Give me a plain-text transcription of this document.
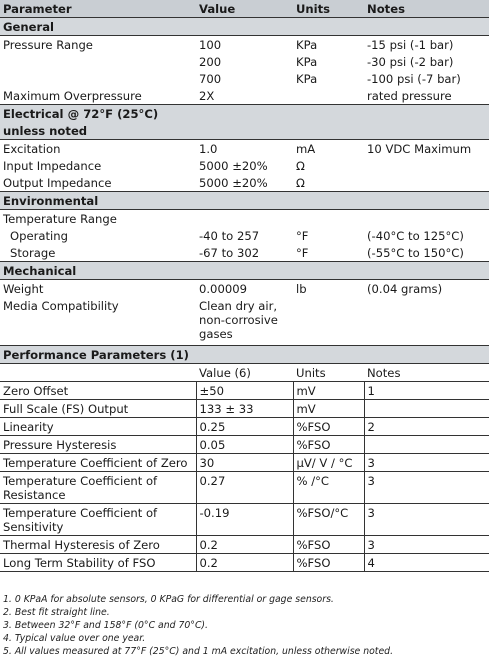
Parameter	Value	Units	Notes
General			
Pressure Range	100	KPa	-15 psi (-1 bar)
	200	KPa	-30 psi (-2 bar)
	700	KPa	-100 psi (-7 bar)
Maximum Overpressure	2X		rated pressure
Electrical @ 72°F (25°C)			
unless noted			
Excitation	1.0	mA	10 VDC Maximum
Input Impedance	5000 ±20%	Ω	
Output Impedance	5000 ±20%	Ω	
Environmental			
Temperature Range			
Operating	-40 to 257	°F	(-40°C to 125°C)
Storage	-67 to 302	°F	(-55°C to 150°C)
Mechanical			
Weight	0.00009	lb	(0.04 grams)
Media Compatibility	Clean dry air,
non-corrosive
gases		

Performance Parameters (1)			
	Value (6)	Units	Notes

Zero Offset	±50	mV	1

Full Scale (FS) Output	133 ± 33	mV	

Linearity	0.25	%FSO	2

Pressure Hysteresis	0.05	%FSO	

Temperature Coefficient of Zero	30	µV/ V / °C	3

Temperature Coefficient of
Resistance	0.27	% /°C	3

Temperature Coefficient of
Sensitivity	-0.19	%FSO/°C	3

Thermal Hysteresis of Zero	0.2	%FSO	3

Long Term Stability of FSO	0.2	%FSO	4
1. 0 KPaA for absolute sensors, 0 KPaG for differential or gage sensors.
2. Best fit straight line.
3. Between 32°F and 158°F (0°C and 70°C).
4. Typical value over one year.
5. All values measured at 77°F (25°C) and 1 mA excitation, unless otherwise noted.
